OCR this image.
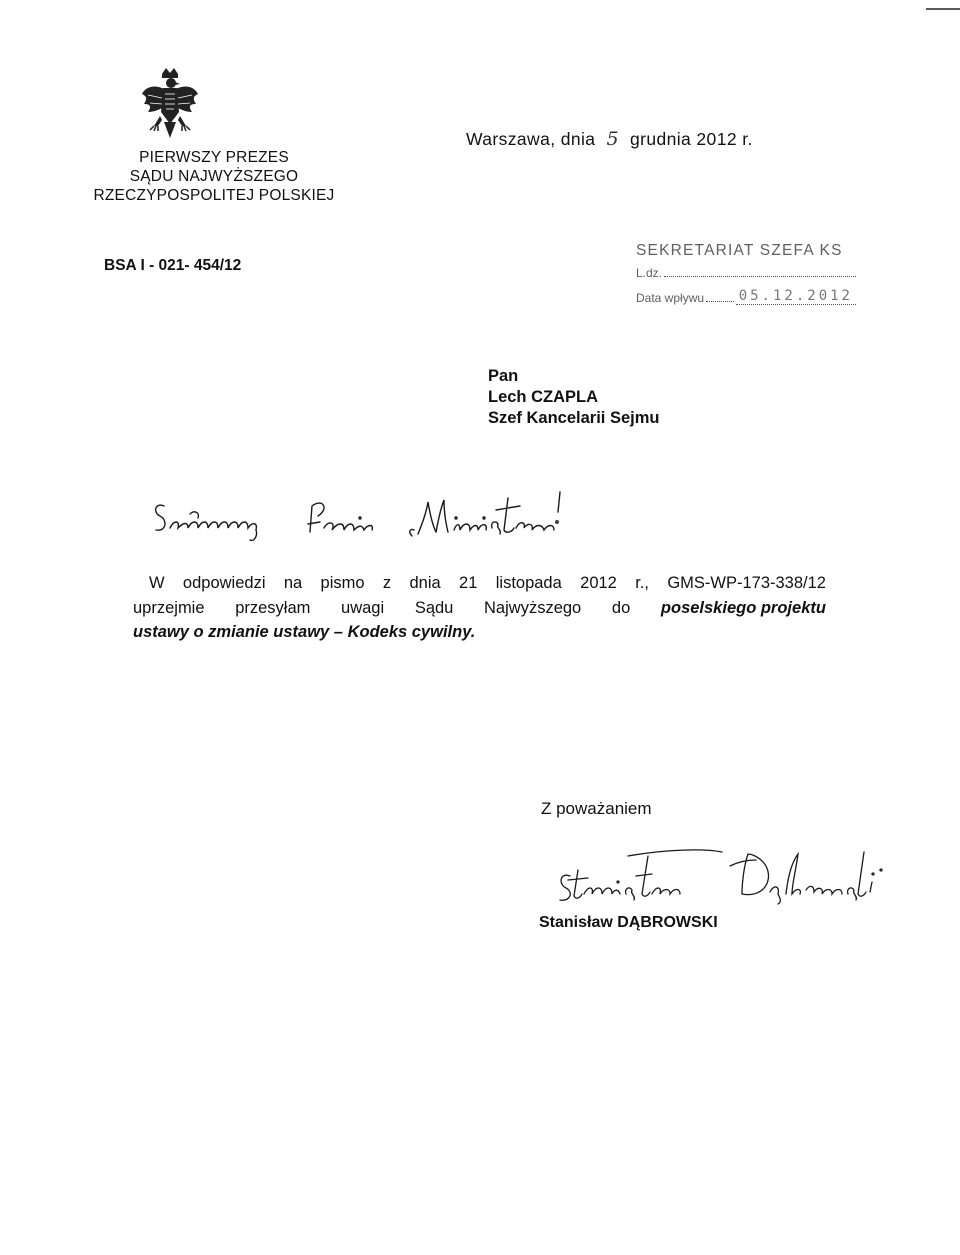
PIERWSZY PREZES
SĄDU NAJWYŻSZEGO
RZECZYPOSPOLITEJ POLSKIEJ
Warszawa, dnia 5 grudnia 2012 r.
BSA I - 021- 454/12
SEKRETARIAT SZEFA KS
L.dz.
Data wpływu 05.12.2012
Pan
Lech CZAPLA
Szef Kancelarii Sejmu
W odpowiedzi na pismo z dnia 21 listopada 2012 r., GMS-WP-173-338/12
uprzejmie przesyłam uwagi Sądu Najwyższego do poselskiego projektu
ustawy o zmianie ustawy – Kodeks cywilny.
Z poważaniem
Stanisław DĄBROWSKI
